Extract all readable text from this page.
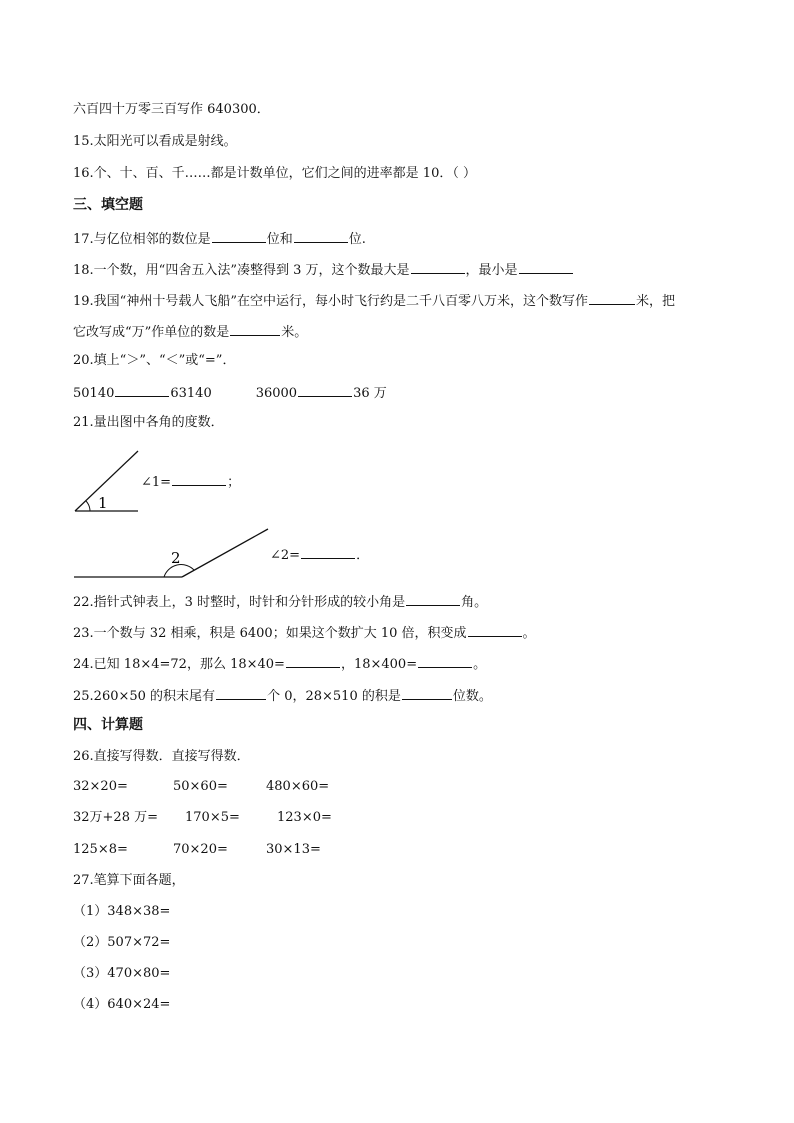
六百四十万零三百写作 640300．
15.太阳光可以看成是射线。
16.个、十、百、千……都是计数单位，它们之间的进率都是 10．（ ）
三、填空题
17.与亿位相邻的数位是	位和	位.
18.一个数，用“四舍五入法”凑整得到 3 万，这个数最大是	，最小是
19.我国“神州十号载人飞船”在空中运行，每小时飞行约是二千八百零八万米，这个数写作	米，把
它改写成“万”作单位的数是	米。
20.填上“＞”、“＜”或“=”．
50140	63140	36000	36 万
21.量出图中各角的度数．
1
∠1=	；
2	∠2=	．
22.指针式钟表上，3 时整时，时针和分针形成的较小角是	角。
23.一个数与 32 相乘，积是 6400；如果这个数扩大 10 倍，积变成	。
24.已知 18×4=72，那么 18×40=	，18×400=	。
25.260×50 的积末尾有	个 0，28×510 的积是	位数。
四、计算题
26.直接写得数．直接写得数．
32×20=	50×60=	480×60=
32万+28 万= 170×5=	123×0=
125×8=	70×20=	30×13=
27.笔算下面各题，
（1）348×38=
（2）507×72=
（3）470×80=
（4）640×24=
